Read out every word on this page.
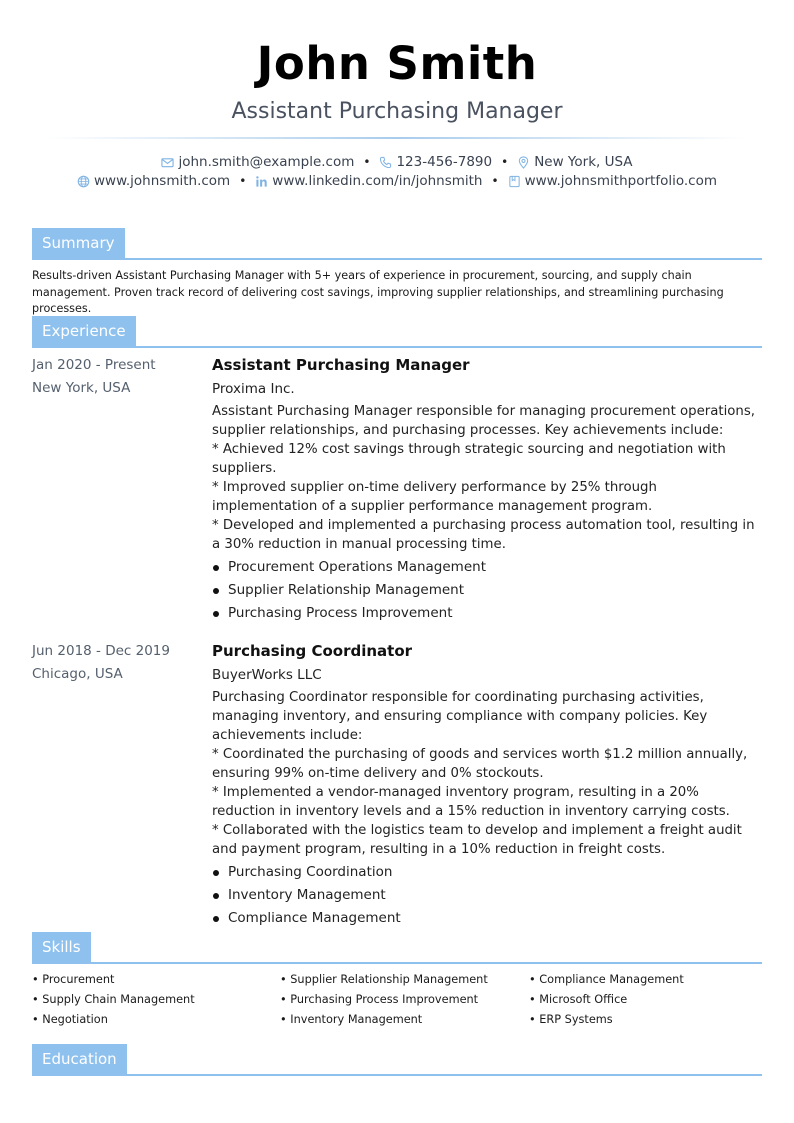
John Smith
Assistant Purchasing Manager
john.smith@example.com • 123-456-7890 • New York, USA
www.johnsmith.com • www.linkedin.com/in/johnsmith • www.johnsmithportfolio.com
Summary
Results-driven Assistant Purchasing Manager with 5+ years of experience in procurement, sourcing, and supply chain management. Proven track record of delivering cost savings, improving supplier relationships, and streamlining purchasing processes.
Experience
Jan 2020 - Present
New York, USA
Assistant Purchasing Manager
Proxima Inc.
Assistant Purchasing Manager responsible for managing procurement operations, supplier relationships, and purchasing processes. Key achievements include:
* Achieved 12% cost savings through strategic sourcing and negotiation with suppliers.
* Improved supplier on-time delivery performance by 25% through implementation of a supplier performance management program.
* Developed and implemented a purchasing process automation tool, resulting in a 30% reduction in manual processing time.
Procurement Operations Management
Supplier Relationship Management
Purchasing Process Improvement
Jun 2018 - Dec 2019
Chicago, USA
Purchasing Coordinator
BuyerWorks LLC
Purchasing Coordinator responsible for coordinating purchasing activities, managing inventory, and ensuring compliance with company policies. Key achievements include:
* Coordinated the purchasing of goods and services worth $1.2 million annually, ensuring 99% on-time delivery and 0% stockouts.
* Implemented a vendor-managed inventory program, resulting in a 20% reduction in inventory levels and a 15% reduction in inventory carrying costs.
* Collaborated with the logistics team to develop and implement a freight audit and payment program, resulting in a 10% reduction in freight costs.
Purchasing Coordination
Inventory Management
Compliance Management
Skills
• Procurement	• Supplier Relationship Management	• Compliance Management
• Supply Chain Management	• Purchasing Process Improvement	• Microsoft Office
• Negotiation	• Inventory Management	• ERP Systems
Education
